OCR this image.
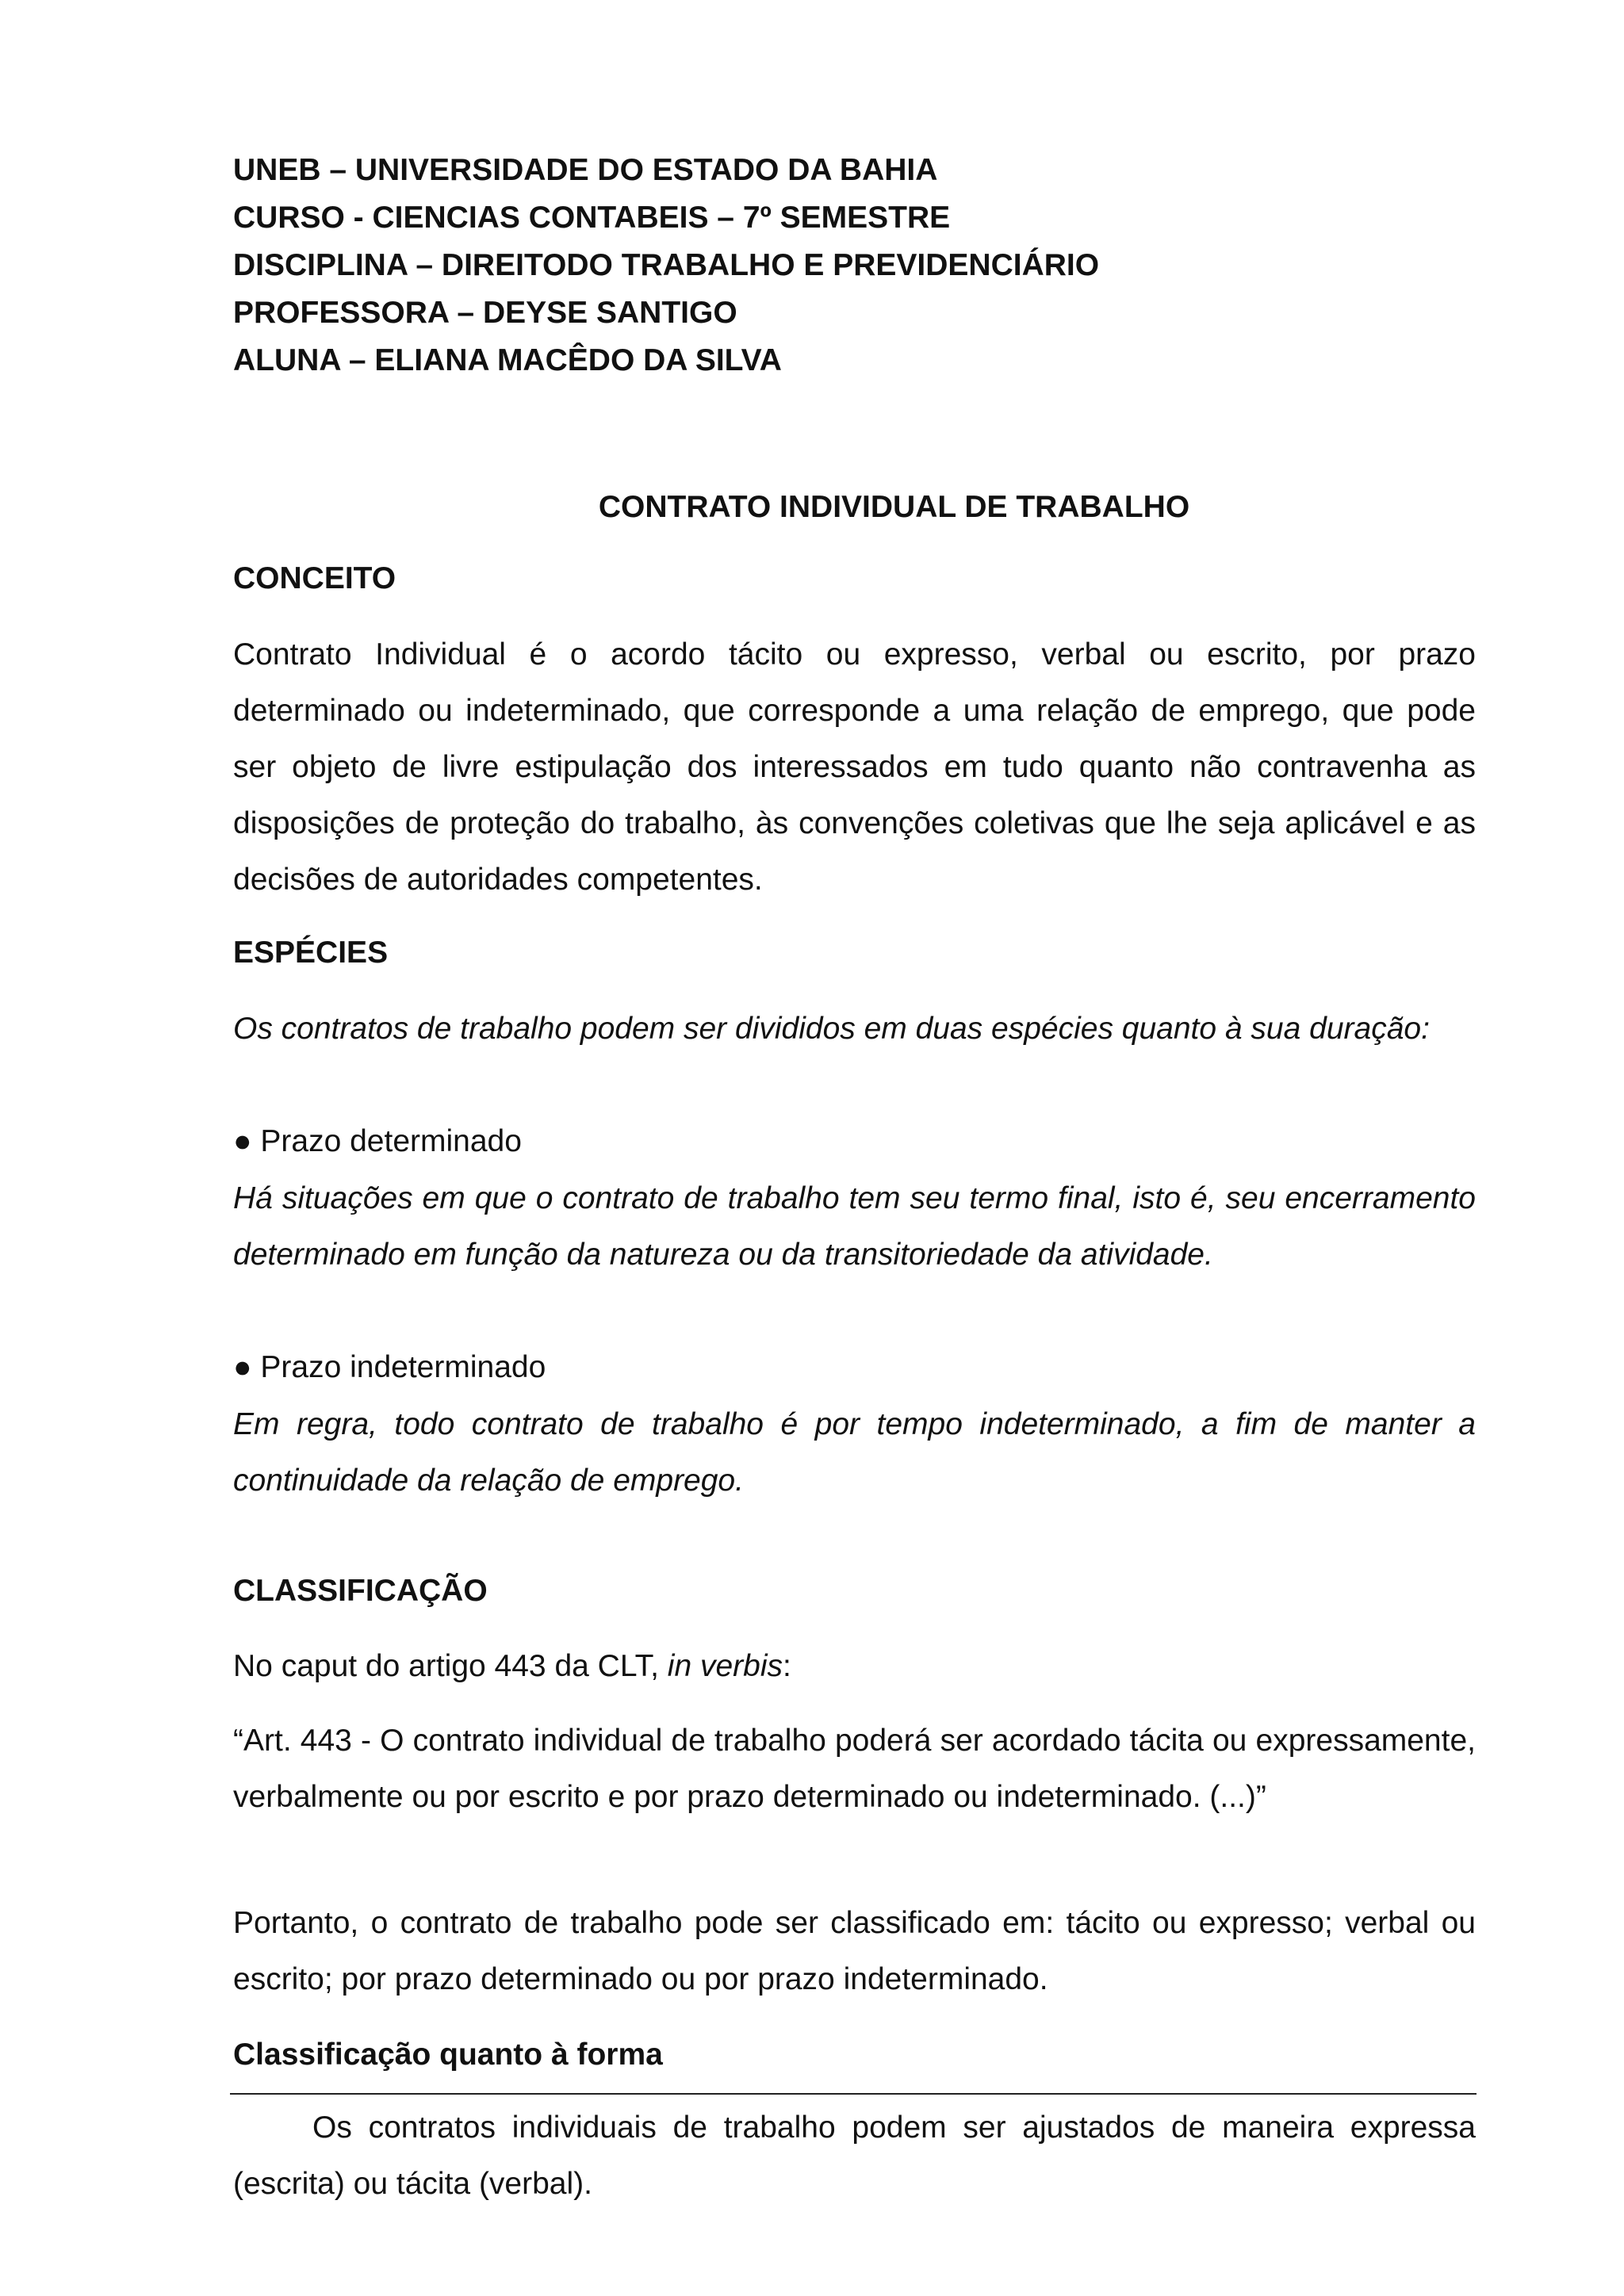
UNEB – UNIVERSIDADE DO ESTADO DA BAHIA

CURSO - CIENCIAS CONTABEIS – 7º SEMESTRE

DISCIPLINA – DIREITODO TRABALHO E PREVIDENCIÁRIO

PROFESSORA – DEYSE SANTIGO

ALUNA – ELIANA MACÊDO DA SILVA

CONTRATO INDIVIDUAL DE TRABALHO

CONCEITO

Contrato Individual é o acordo tácito ou expresso, verbal ou escrito, por prazo determinado ou indeterminado, que corresponde a uma relação de emprego, que pode ser objeto de livre estipulação dos interessados em tudo quanto não contravenha as disposições de proteção do trabalho, às convenções coletivas que lhe seja aplicável e as decisões de autoridades competentes.

ESPÉCIES

Os contratos de trabalho podem ser divididos em duas espécies quanto à sua duração:

● Prazo determinado

Há situações em que o contrato de trabalho tem seu termo final, isto é, seu encerramento determinado em função da natureza ou da transitoriedade da atividade.

● Prazo indeterminado

Em regra, todo contrato de trabalho é por tempo indeterminado, a fim de manter a continuidade da relação de emprego.

CLASSIFICAÇÃO

No caput do artigo 443 da CLT, in verbis:

“Art. 443 - O contrato individual de trabalho poderá ser acordado tácita ou expressamente, verbalmente ou por escrito e por prazo determinado ou indeterminado. (...)”

Portanto, o contrato de trabalho pode ser classificado em: tácito ou expresso; verbal ou escrito; por prazo determinado ou por prazo indeterminado.

Classificação quanto à forma

Os contratos individuais de trabalho podem ser ajustados de maneira expressa (escrita) ou tácita (verbal).
